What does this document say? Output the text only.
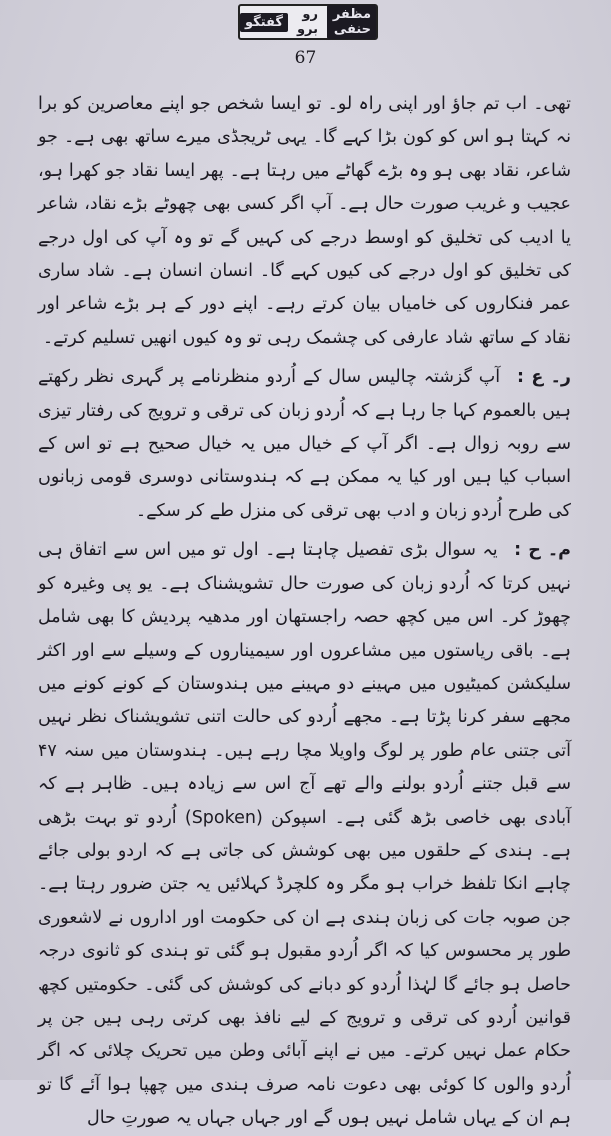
گفتگو	رو برو
مظفر حنفی
67

تھی۔ اب تم جاؤ اور اپنی راہ لو۔ تو ایسا شخص جو اپنے معاصرین کو برا نہ کہتا ہو اس کو کون بڑا کہے گا۔ یہی ٹریجڈی میرے ساتھ بھی ہے۔ جو شاعر، نقاد بھی ہو وہ بڑے گھاٹے میں رہتا ہے۔ پھر ایسا نقاد جو کھرا ہو، عجیب و غریب صورت حال ہے۔ آپ اگر کسی بھی چھوٹے بڑے نقاد، شاعر یا ادیب کی تخلیق کو اوسط درجے کی کہیں گے تو وہ آپ کی اول درجے کی تخلیق کو اول درجے کی کیوں کہے گا۔ انسان انسان ہے۔ شاد ساری عمر فنکاروں کی خامیاں بیان کرتے رہے۔ اپنے دور کے ہر بڑے شاعر اور نقاد کے ساتھ شاد عارفی کی چشمک رہی تو وہ کیوں انھیں تسلیم کرتے۔

ر۔ ع : آپ گزشتہ چالیس سال کے اُردو منظرنامے پر گہری نظر رکھتے ہیں بالعموم کہا جا رہا ہے کہ اُردو زبان کی ترقی و ترویج کی رفتار تیزی سے روبہ زوال ہے۔ اگر آپ کے خیال میں یہ خیال صحیح ہے تو اس کے اسباب کیا ہیں اور کیا یہ ممکن ہے کہ ہندوستانی دوسری قومی زبانوں کی طرح اُردو زبان و ادب بھی ترقی کی منزل طے کر سکے۔

م۔ ح : یہ سوال بڑی تفصیل چاہتا ہے۔ اول تو میں اس سے اتفاق ہی نہیں کرتا کہ اُردو زبان کی صورت حال تشویشناک ہے۔ یو پی وغیرہ کو چھوڑ کر۔ اس میں کچھ حصہ راجستھان اور مدھیہ پردیش کا بھی شامل ہے۔ باقی ریاستوں میں مشاعروں اور سیمیناروں کے وسیلے سے اور اکثر سلیکشن کمیٹیوں میں مہینے دو مہینے میں ہندوستان کے کونے کونے میں مجھے سفر کرنا پڑتا ہے۔ مجھے اُردو کی حالت اتنی تشویشناک نظر نہیں آتی جتنی عام طور پر لوگ واویلا مچا رہے ہیں۔ ہندوستان میں سنہ ۴۷ سے قبل جتنے اُردو بولنے والے تھے آج اس سے زیادہ ہیں۔ ظاہر ہے کہ آبادی بھی خاصی بڑھ گئی ہے۔ اسپوکن (Spoken) اُردو تو بہت بڑھی ہے۔ ہندی کے حلقوں میں بھی کوشش کی جاتی ہے کہ اردو بولی جائے چاہے انکا تلفظ خراب ہو مگر وہ کلچرڈ کہلائیں یہ جتن ضرور رہتا ہے۔ جن صوبہ جات کی زبان ہندی ہے ان کی حکومت اور اداروں نے لاشعوری طور پر محسوس کیا کہ اگر اُردو مقبول ہو گئی تو ہندی کو ثانوی درجہ حاصل ہو جائے گا لہٰذا اُردو کو دبانے کی کوشش کی گئی۔ حکومتیں کچھ قوانین اُردو کی ترقی و ترویج کے لیے نافذ بھی کرتی رہی ہیں جن پر حکام عمل نہیں کرتے۔ میں نے اپنے آبائی وطن میں تحریک چلائی کہ اگر اُردو والوں کا کوئی بھی دعوت نامہ صرف ہندی میں چھپا ہوا آئے گا تو ہم ان کے یہاں شامل نہیں ہوں گے اور جہاں جہاں یہ صورتِ حال
